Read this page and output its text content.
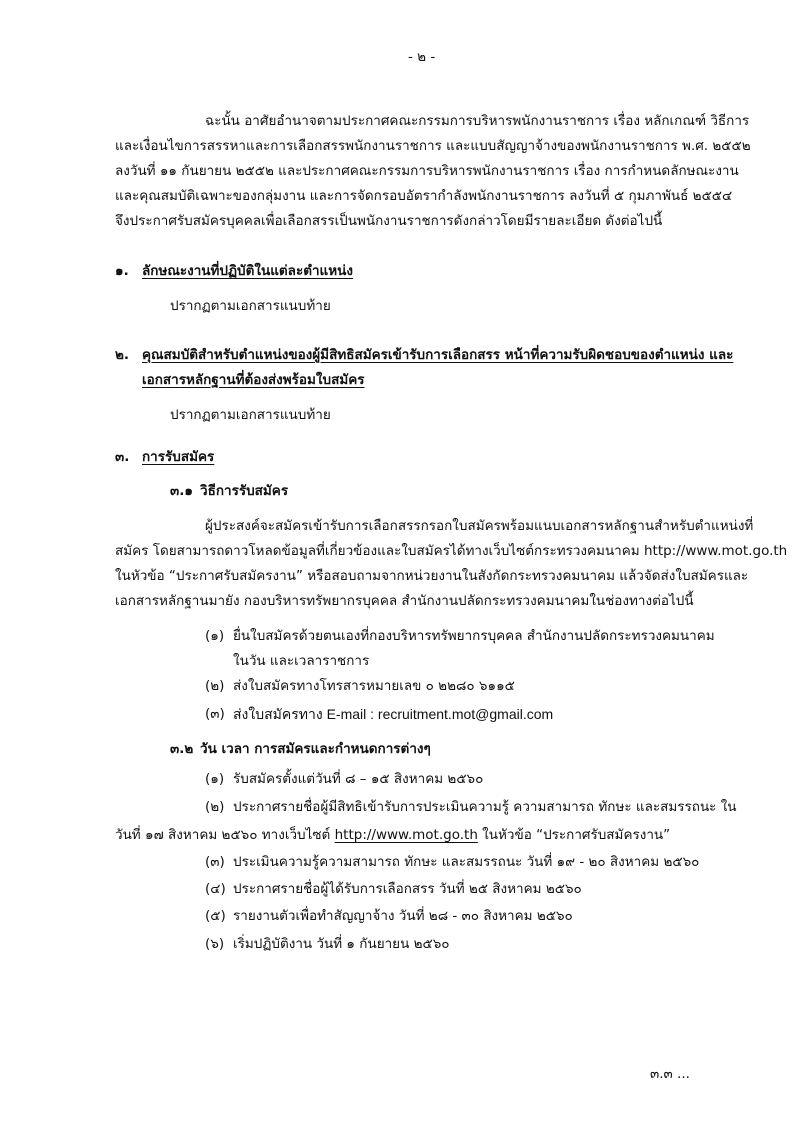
- ๒ -
ฉะนั้น อาศัยอำนาจตามประกาศคณะกรรมการบริหารพนักงานราชการ เรื่อง หลักเกณฑ์ วิธีการ
และเงื่อนไขการสรรหาและการเลือกสรรพนักงานราชการ และแบบสัญญาจ้างของพนักงานราชการ พ.ศ. ๒๕๕๒
ลงวันที่ ๑๑ กันยายน ๒๕๕๒ และประกาศคณะกรรมการบริหารพนักงานราชการ เรื่อง การกำหนดลักษณะงาน
และคุณสมบัติเฉพาะของกลุ่มงาน และการจัดกรอบอัตรากำลังพนักงานราชการ ลงวันที่ ๕ กุมภาพันธ์ ๒๕๕๔
จึงประกาศรับสมัครบุคคลเพื่อเลือกสรรเป็นพนักงานราชการดังกล่าวโดยมีรายละเอียด ดังต่อไปนี้
๑. ลักษณะงานที่ปฏิบัติในแต่ละตำแหน่ง
ปรากฏตามเอกสารแนบท้าย
๒. คุณสมบัติสำหรับตำแหน่งของผู้มีสิทธิสมัครเข้ารับการเลือกสรร หน้าที่ความรับผิดชอบของตำแหน่ง และ
เอกสารหลักฐานที่ต้องส่งพร้อมใบสมัคร
ปรากฏตามเอกสารแนบท้าย
๓. การรับสมัคร
๓.๑ วิธีการรับสมัคร
ผู้ประสงค์จะสมัครเข้ารับการเลือกสรรกรอกใบสมัครพร้อมแนบเอกสารหลักฐานสำหรับตำแหน่งที่
สมัคร โดยสามารถดาวโหลดข้อมูลที่เกี่ยวข้องและใบสมัครได้ทางเว็บไซต์กระทรวงคมนาคม http://www.mot.go.th
ในหัวข้อ “ประกาศรับสมัครงาน” หรือสอบถามจากหน่วยงานในสังกัดกระทรวงคมนาคม แล้วจัดส่งใบสมัครและ
เอกสารหลักฐานมายัง กองบริหารทรัพยากรบุคคล สำนักงานปลัดกระทรวงคมนาคมในช่องทางต่อไปนี้
(๑) ยื่นใบสมัครด้วยตนเองที่กองบริหารทรัพยากรบุคคล สำนักงานปลัดกระทรวงคมนาคม
ในวัน และเวลาราชการ
(๒) ส่งใบสมัครทางโทรสารหมายเลข ๐ ๒๒๘๐ ๖๑๑๕
(๓) ส่งใบสมัครทาง E-mail : recruitment.mot@gmail.com
๓.๒ วัน เวลา การสมัครและกำหนดการต่างๆ
(๑) รับสมัครตั้งแต่วันที่ ๘ – ๑๕ สิงหาคม ๒๕๖๐
(๒) ประกาศรายชื่อผู้มีสิทธิเข้ารับการประเมินความรู้ ความสามารถ ทักษะ และสมรรถนะ ใน
วันที่ ๑๗ สิงหาคม ๒๕๖๐ ทางเว็บไซต์ http://www.mot.go.th ในหัวข้อ “ประกาศรับสมัครงาน”
(๓) ประเมินความรู้ความสามารถ ทักษะ และสมรรถนะ วันที่ ๑๙ - ๒๐ สิงหาคม ๒๕๖๐
(๔) ประกาศรายชื่อผู้ได้รับการเลือกสรร วันที่ ๒๕ สิงหาคม ๒๕๖๐
(๕) รายงานตัวเพื่อทำสัญญาจ้าง วันที่ ๒๘ - ๓๐ สิงหาคม ๒๕๖๐
(๖) เริ่มปฏิบัติงาน วันที่ ๑ กันยายน ๒๕๖๐
๓.๓ ...
